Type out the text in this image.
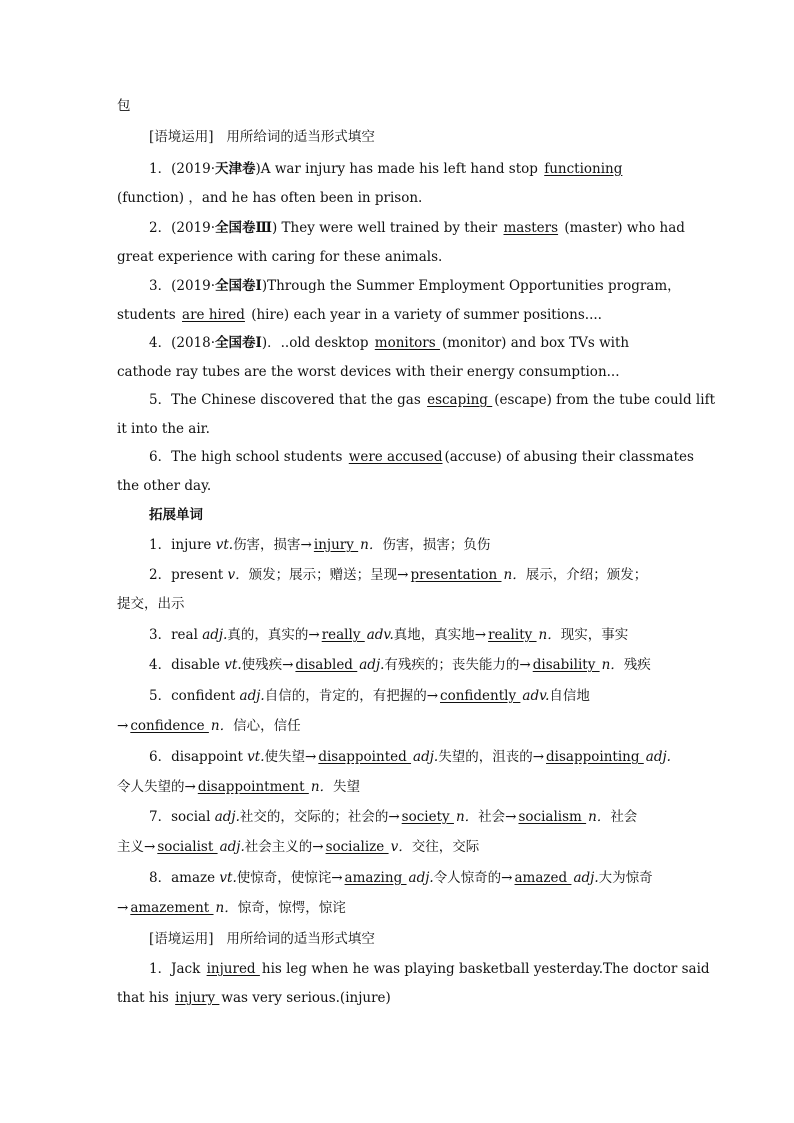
包
[语境运用] 用所给词的适当形式填空
1．(2019·天津卷)A war injury has made his left hand stop functioning
(function) ，and he has often been in prison.
2．(2019·全国卷Ⅲ) They were well trained by their masters (master) who had
great experience with caring for these animals.
3．(2019·全国卷Ⅰ)Through the Summer Employment Opportunities program，
students are hired (hire) each year in a variety of summer positions....
4．(2018·全国卷Ⅰ)．..old desktop monitors (monitor) and box TVs with
cathode ray tubes are the worst devices with their energy consumption...
5．The Chinese discovered that the gas escaping (escape) from the tube could lift
it into the air.
6．The high school students were accused (accuse) of abusing their classmates
the other day.
拓展单词
1．injure vt.伤害，损害→ injury n．伤害，损害；负伤
2．present v．颁发；展示；赠送；呈现→ presentation n．展示，介绍；颁发；
提交，出示
3．real adj.真的，真实的→ really adv.真地，真实地→ reality n．现实，事实
4．disable vt.使残疾→ disabled adj.有残疾的；丧失能力的→ disability n．残疾
5．confident adj.自信的，肯定的，有把握的→ confidently adv.自信地
→ confidence n．信心，信任
6．disappoint vt.使失望→ disappointed adj.失望的，沮丧的→ disappointing adj.
令人失望的→ disappointment n．失望
7．social adj.社交的，交际的；社会的→ society n．社会→ socialism n．社会
主义→ socialist adj.社会主义的→ socialize v．交往，交际
8．amaze vt.使惊奇，使惊诧→ amazing adj.令人惊奇的→ amazed adj.大为惊奇
→ amazement n．惊奇，惊愕，惊诧
[语境运用] 用所给词的适当形式填空
1．Jack injured his leg when he was playing basketball yesterday.The doctor said
that his injury was very serious.(injure)
